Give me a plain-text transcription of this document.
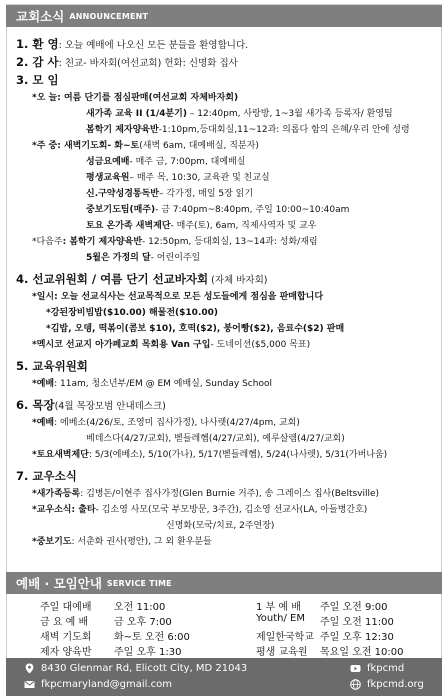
교회소식 ANNOUNCEMENT
1. 환 영: 오늘 예배에 나오신 모든 분들을 환영합니다.
2. 감 사: 친교- 바자회(여선교회) 헌화: 신명화 집사
3. 모 임
*오 늘: 여름 단기를 점심판매(여선교회 자체바자회)
새가족 교육 II (1/4분기) – 12:40pm, 사랑방, 1~3월 새가족 등록자/ 환영팀
봄학기 제자양육반-1:10pm,등대회실,11~12과: 의롭다 함의 은혜/우리 안에 성령
*주 중: 새벽기도회- 화~토(새벽 6am, 대예배실, 직분자)
성금요예배- 매주 금, 7:00pm, 대예배실
평생교육원– 매주 목, 10:30, 교육관 및 친교실
신.구약성경통독반– 각가정, 매일 5장 읽기
중보기도팀(매주)- 금 7:40pm~8:40pm, 주일 10:00~10:40am
토요 온가족 새벽제단- 매주(토), 6am, 직제사역자 및 교우
*다음주: 봄학기 제자양육반- 12:50pm, 등대회실, 13~14과: 성화/재림
5월은 가정의 달- 어린이주일
4. 선교위원회 / 여름 단기 선교바자회 (자체 바자회)
*일시: 오늘 선교식사는 선교목적으로 모든 성도들에게 점심을 판매합니다
*강된장비빔밥($10.00) 해물전($10.00)
*김밥, 오뎅, 떡볶이(콤보 $10), 호떡($2), 붕어빵($2), 음료수($2) 판매
*멕시코 선교지 아가페교회 목회용 Van 구입- 도네이션($5,000 목표)
5. 교육위원회
*예배: 11am, 청소년부/EM @ EM 예배실, Sunday School
6. 목장(4월 목장모범 안내데스크)
*예배: 에베소(4/26/토, 조영미 집사가정), 나사렛(4/27/4pm, 교회)
베데스다(4/27/교회), 벧들레헴(4/27/교회), 예루살렘(4/27/교회)
*토요새벽제단: 5/3(에베소), 5/10(가나), 5/17(벧들레헴), 5/24(나사렛), 5/31(가버나움)
7. 교우소식
*새가족등록: 김병돈/이현주 집사가정(Glen Burnie 거주), 송 그레이스 집사(Beltsville)
*교우소식: 출타- 김소영 사모(모국 부모방문, 3주간), 김소영 선교사(LA, 아들병간호)
신명화(모국/치료, 2주연장)
*중보기도: 서춘화 권사(평안), 그 외 환우분들
예배 · 모임안내 SERVICE TIME
주일 대예배 오전 11:00
금 요 예 배	금 오후 7:00
새벽 기도회 화~토 오전 6:00
제자 양육반 주일 오후 1:30
1 부 예 배 주일 오전 9:00
Youth/ EM 주일 오전 11:00
제일한국학교 주일 오후 12:30
평생 교육원 목요일 오전 10:00
8430 Glenmar Rd, Elicott City, MD 21043
fkpcmaryland@gmail.com
fkpcmd
fkpcmd.org
